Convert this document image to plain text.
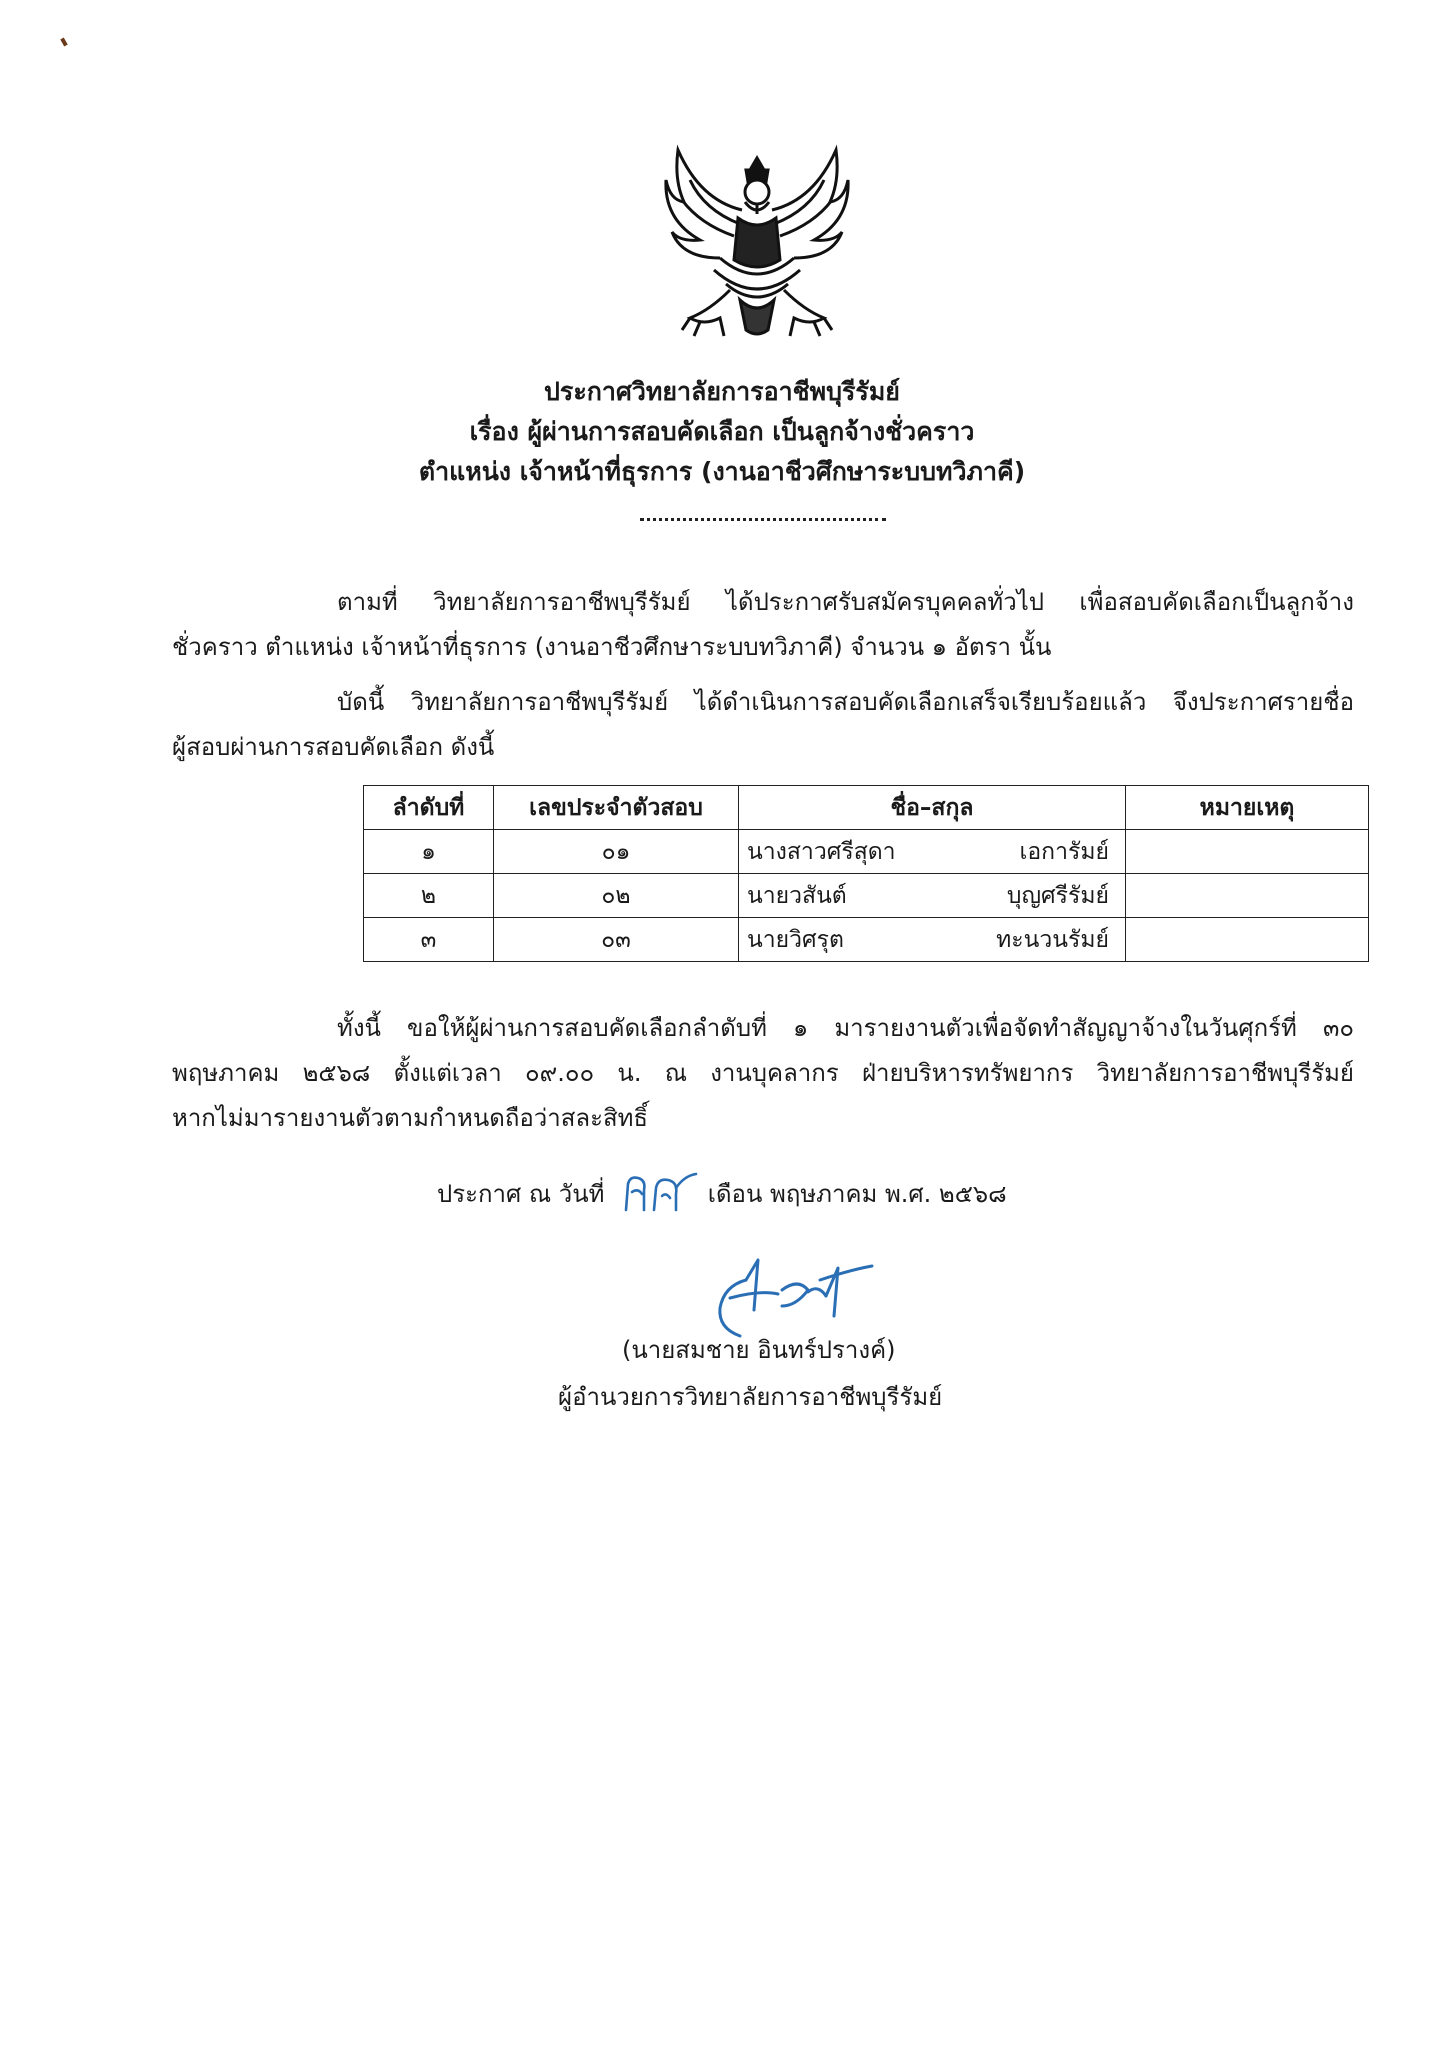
ประกาศวิทยาลัยการอาชีพบุรีรัมย์
เรื่อง ผู้ผ่านการสอบคัดเลือก เป็นลูกจ้างชั่วคราว
ตำแหน่ง เจ้าหน้าที่ธุรการ (งานอาชีวศึกษาระบบทวิภาคี)
ตามที่ วิทยาลัยการอาชีพบุรีรัมย์ ได้ประกาศรับสมัครบุคคลทั่วไป เพื่อสอบคัดเลือกเป็นลูกจ้าง
ชั่วคราว ตำแหน่ง เจ้าหน้าที่ธุรการ (งานอาชีวศึกษาระบบทวิภาคี) จำนวน ๑ อัตรา นั้น
บัดนี้ วิทยาลัยการอาชีพบุรีรัมย์ ได้ดำเนินการสอบคัดเลือกเสร็จเรียบร้อยแล้ว จึงประกาศรายชื่อ
ผู้สอบผ่านการสอบคัดเลือก ดังนี้
ลำดับที่	เลขประจำตัวสอบ	ชื่อ–สกุล	หมายเหตุ
๑	๐๑	นางสาวศรีสุดา เอการัมย์	

๒	๐๒	นายวสันต์ บุญศรีรัมย์	

๓	๐๓	นายวิศรุต ทะนวนรัมย์	

ทั้งนี้ ขอให้ผู้ผ่านการสอบคัดเลือกลำดับที่ ๑ มารายงานตัวเพื่อจัดทำสัญญาจ้างในวันศุกร์ที่ ๓๐
พฤษภาคม ๒๕๖๘ ตั้งแต่เวลา ๐๙.๐๐ น. ณ งานบุคลากร ฝ่ายบริหารทรัพยากร วิทยาลัยการอาชีพบุรีรัมย์
หากไม่มารายงานตัวตามกำหนดถือว่าสละสิทธิ์
ประกาศ ณ วันที่	เดือน พฤษภาคม พ.ศ. ๒๕๖๘
(นายสมชาย อินทร์ปรางค์)
ผู้อำนวยการวิทยาลัยการอาชีพบุรีรัมย์
